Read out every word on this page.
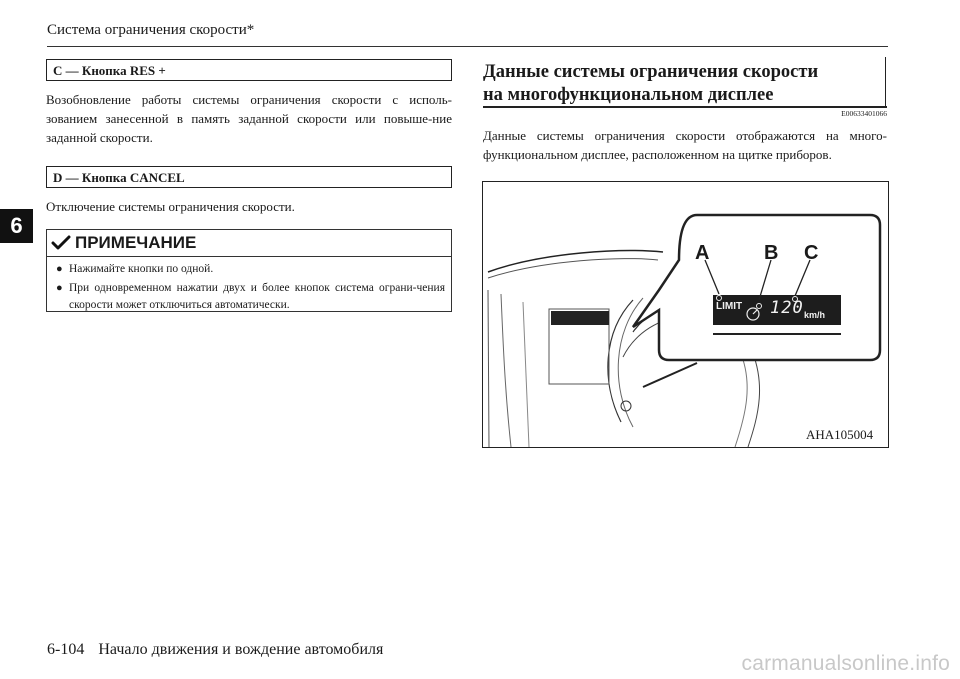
Система ограничения скорости*
6
С — Кнопка RES +
Возобновление работы системы ограничения скорости с исполь-зованием занесенной в память заданной скорости или повыше-ние заданной скорости.
D — Кнопка CANCEL
Отключение системы ограничения скорости.
ПРИМЕЧАНИЕ
● Нажимайте кнопки по одной.
● При одновременном нажатии двух и более кнопок система ограни-чения скорости может отключиться автоматически.
Данные системы ограничения скорости
на многофункциональном дисплее
E00633401066
Данные системы ограничения скорости отображаются на много-функциональном дисплее, расположенном на щитке приборов.
A	B C
LIMIT 120 km/h
AHA105004
6-104 Начало движения и вождение автомобиля
carmanualsonline.info
